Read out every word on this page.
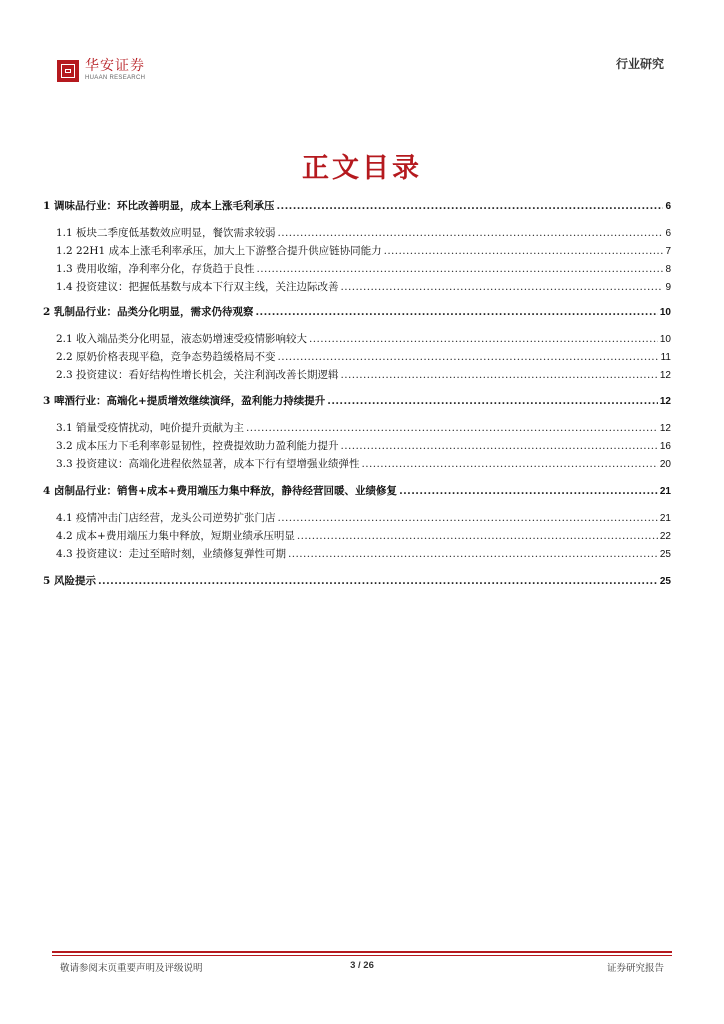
华安证券
HUAAN RESEARCH
行业研究
正文目录
1 调味品行业：环比改善明显，成本上涨毛利承压 .....	6
1.1 板块二季度低基数效应明显，餐饮需求较弱 .....	6
1.2 22H1 成本上涨毛利率承压，加大上下游整合提升供应链协同能力 .....	7
1.3 费用收缩，净利率分化，存货趋于良性 .....	8
1.4 投资建议：把握低基数与成本下行双主线，关注边际改善 .....	9
2 乳制品行业：品类分化明显，需求仍待观察 .....	10
2.1 收入端品类分化明显，液态奶增速受疫情影响较大 .....	10
2.2 原奶价格表现平稳，竞争态势趋缓格局不变 .....	11
2.3 投资建议：看好结构性增长机会，关注利润改善长期逻辑 .....	12
3 啤酒行业：高端化+提质增效继续演绎，盈利能力持续提升 .....	12
3.1 销量受疫情扰动，吨价提升贡献为主 .....	12
3.2 成本压力下毛利率彰显韧性，控费提效助力盈利能力提升 .....	16
3.3 投资建议：高端化进程依然显著，成本下行有望增强业绩弹性 .....	20
4 卤制品行业：销售+成本+费用端压力集中释放，静待经营回暖、业绩修复 .....	21
4.1 疫情冲击门店经营，龙头公司逆势扩张门店 .....	21
4.2 成本+费用端压力集中释放，短期业绩承压明显 .....	22
4.3 投资建议：走过至暗时刻，业绩修复弹性可期 .....	25
5 风险提示 .....	25
敬请参阅末页重要声明及评级说明	3 / 26	证券研究报告
